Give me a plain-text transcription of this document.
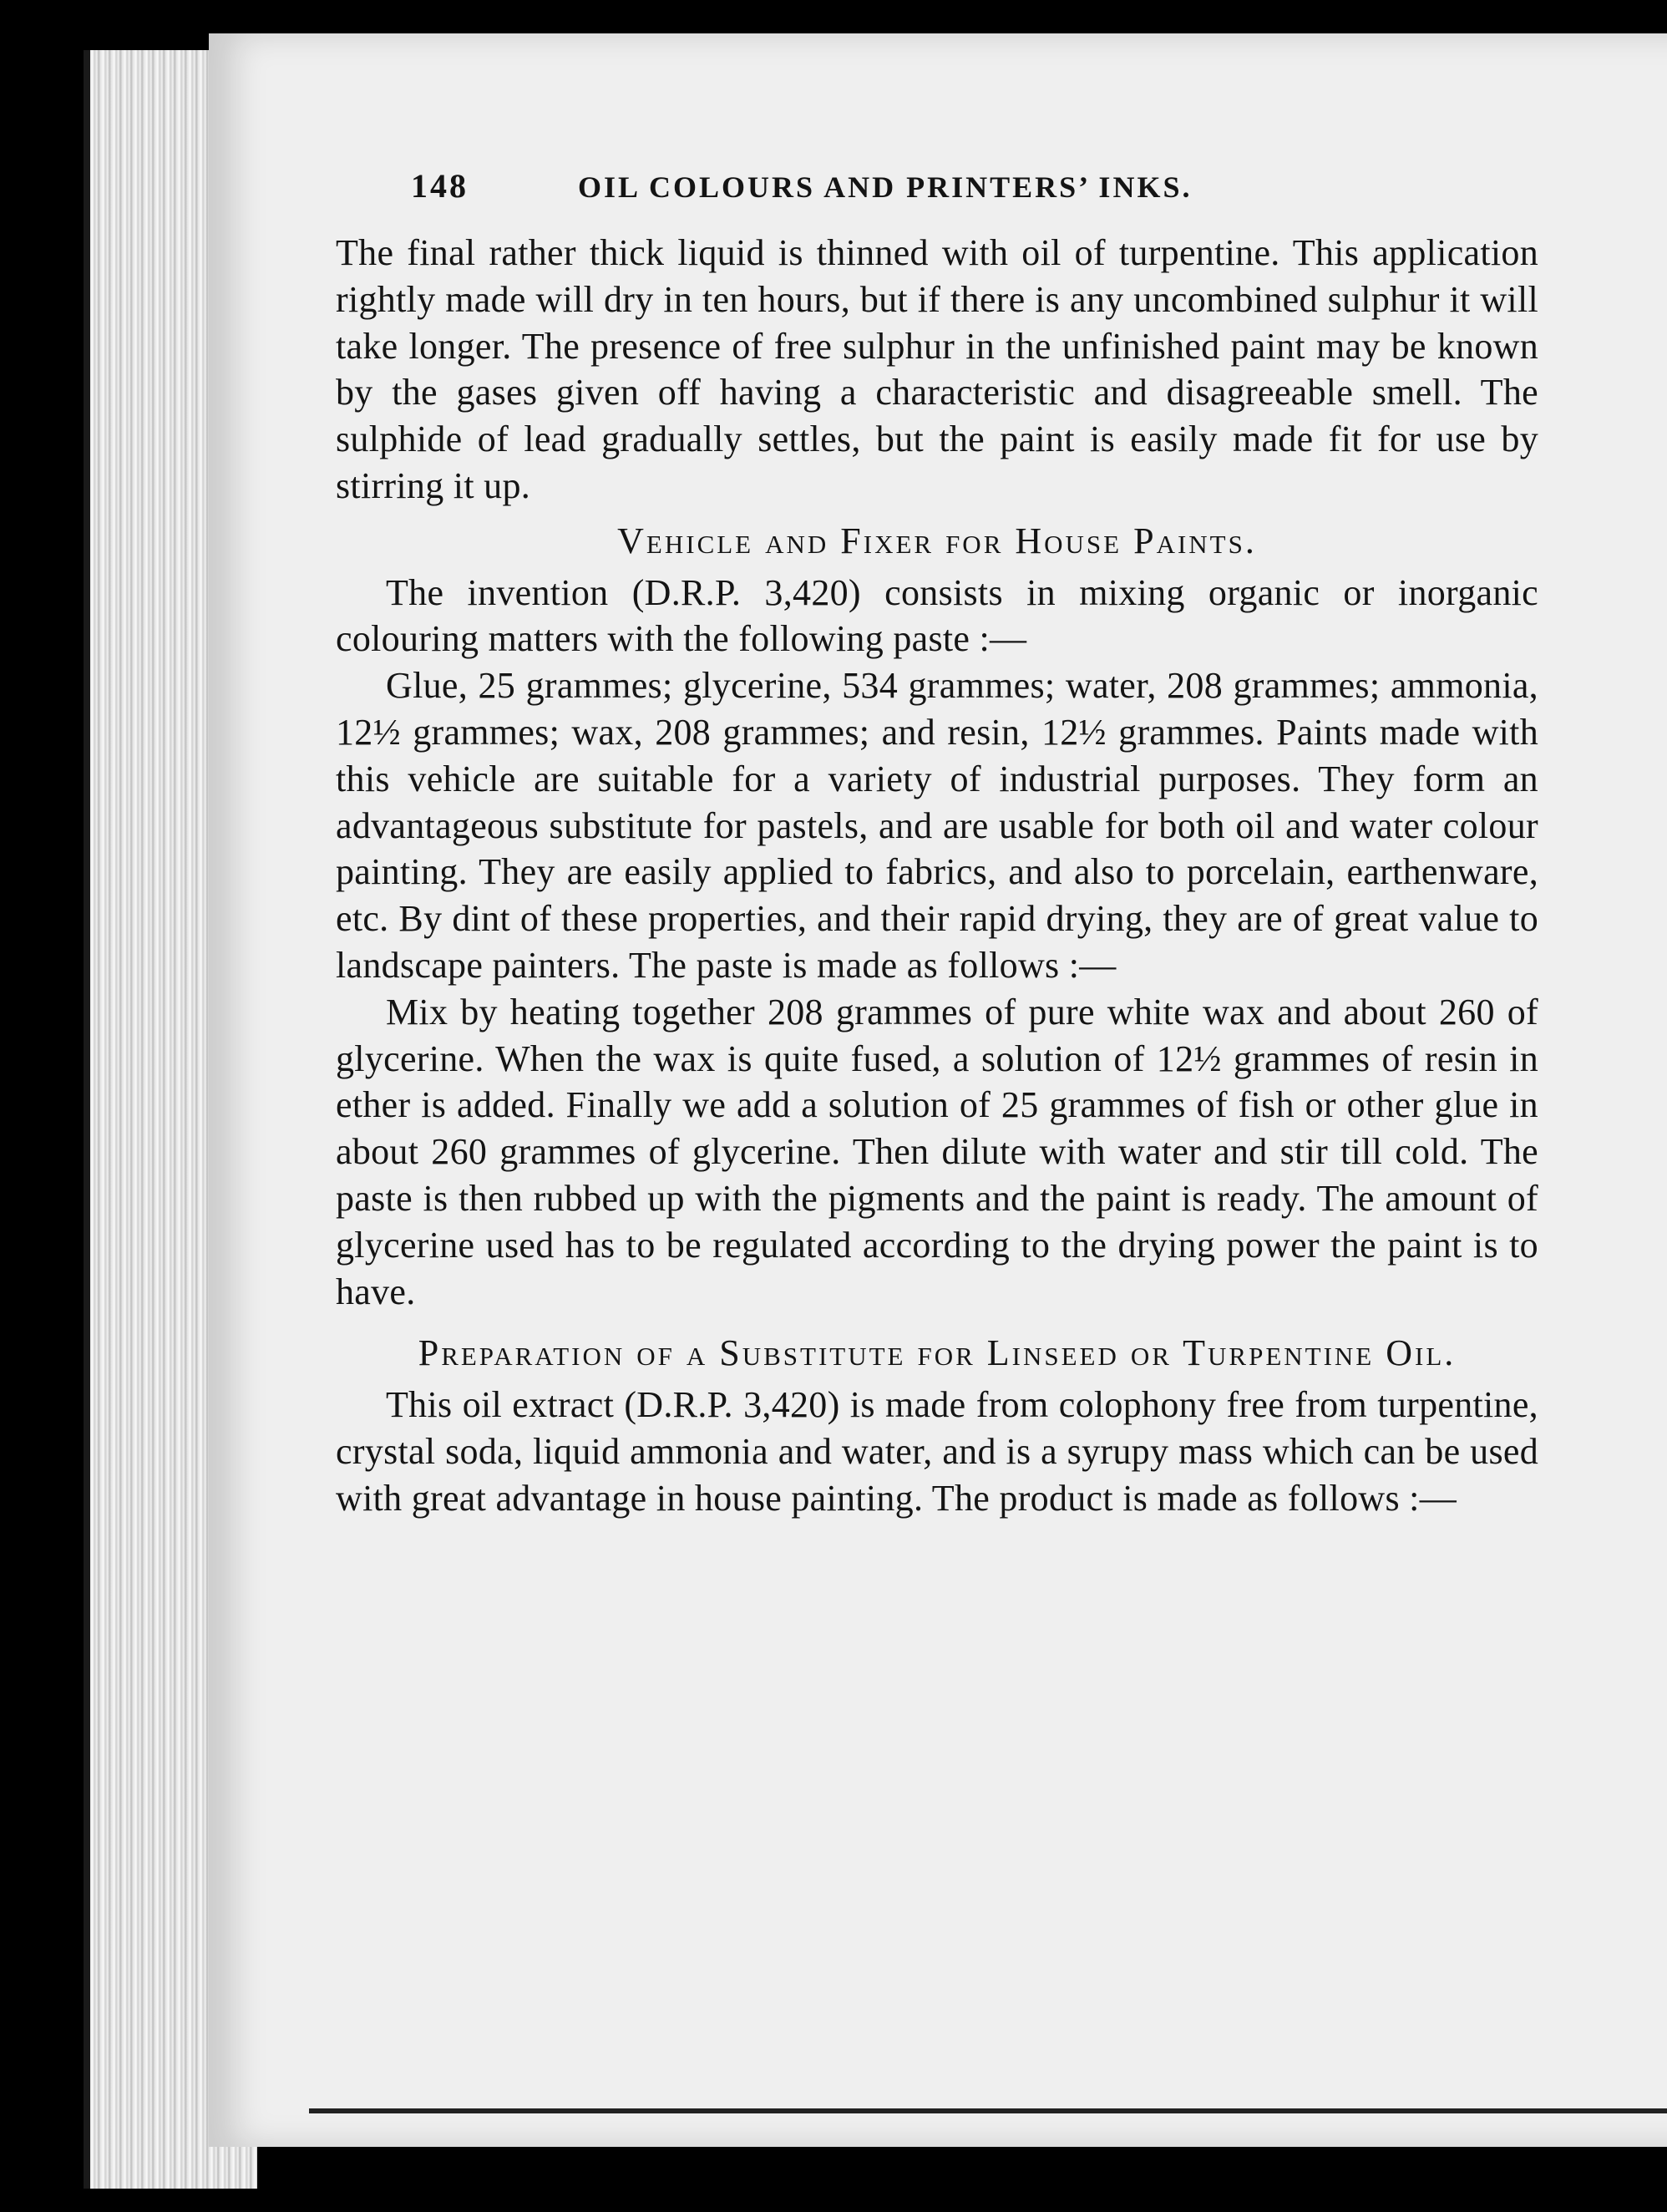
148	OIL COLOURS AND PRINTERS’ INKS.

The final rather thick liquid is thinned with oil of turpentine. This application rightly made will dry in ten hours, but if there is any uncombined sulphur it will take longer. The presence of free sulphur in the unfinished paint may be known by the gases given off having a characteristic and disagreeable smell. The sulphide of lead gradually settles, but the paint is easily made fit for use by stirring it up.

Vehicle and Fixer for House Paints.

The invention (D.R.P. 3,420) consists in mixing organic or inorganic colouring matters with the following paste :—

Glue, 25 grammes; glycerine, 534 grammes; water, 208 grammes; ammonia, 12½ grammes; wax, 208 grammes; and resin, 12½ grammes. Paints made with this vehicle are suitable for a variety of industrial purposes. They form an advantageous substitute for pastels, and are usable for both oil and water colour painting. They are easily applied to fabrics, and also to porcelain, earthenware, etc. By dint of these properties, and their rapid drying, they are of great value to landscape painters. The paste is made as follows :—

Mix by heating together 208 grammes of pure white wax and about 260 of glycerine. When the wax is quite fused, a solution of 12½ grammes of resin in ether is added. Finally we add a solution of 25 grammes of fish or other glue in about 260 grammes of glycerine. Then dilute with water and stir till cold. The paste is then rubbed up with the pigments and the paint is ready. The amount of glycerine used has to be regulated according to the drying power the paint is to have.

Preparation of a Substitute for Linseed or Turpentine Oil.

This oil extract (D.R.P. 3,420) is made from colophony free from turpentine, crystal soda, liquid ammonia and water, and is a syrupy mass which can be used with great advantage in house painting. The product is made as follows :—
